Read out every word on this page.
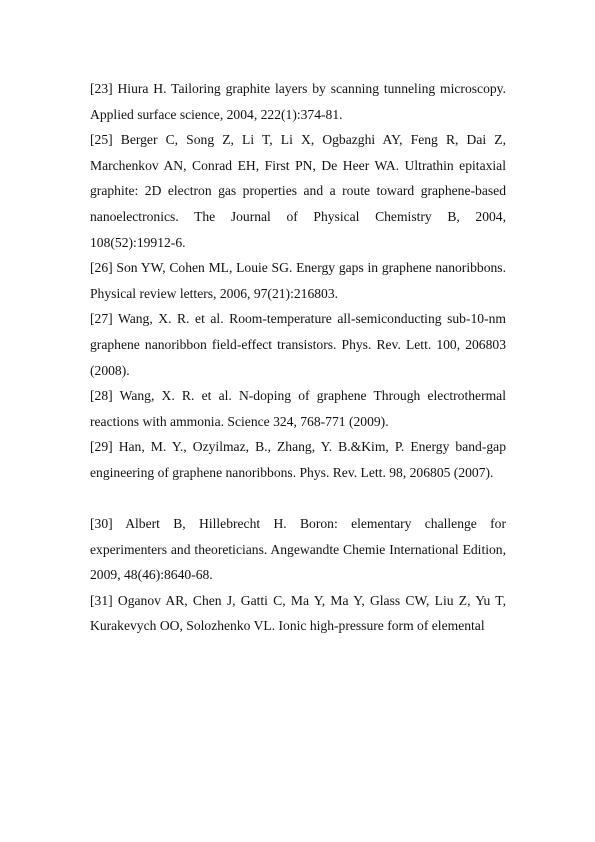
[23] Hiura H. Tailoring graphite layers by scanning tunneling microscopy. Applied surface science, 2004, 222(1):374-81.

[25] Berger C, Song Z, Li T, Li X, Ogbazghi AY, Feng R, Dai Z, Marchenkov AN, Conrad EH, First PN, De Heer WA. Ultrathin epitaxial graphite: 2D electron gas properties and a route toward graphene-based nanoelectronics. The Journal of Physical Chemistry B, 2004, 108(52):19912-6.

[26] Son YW, Cohen ML, Louie SG. Energy gaps in graphene nanoribbons. Physical review letters, 2006, 97(21):216803.

[27] Wang, X. R. et al. Room-temperature all-semiconducting sub-10-nm graphene nanoribbon field-effect transistors. Phys. Rev. Lett. 100, 206803 (2008).

[28] Wang, X. R. et al. N-doping of graphene Through electrothermal reactions with ammonia. Science 324, 768-771 (2009).

[29] Han, M. Y., Ozyilmaz, B., Zhang, Y. B.&Kim, P. Energy band-gap engineering of graphene nanoribbons. Phys. Rev. Lett. 98, 206805 (2007).

[30] Albert B, Hillebrecht H. Boron: elementary challenge for experimenters and theoreticians. Angewandte Chemie International Edition, 2009, 48(46):8640-68.

[31] Oganov AR, Chen J, Gatti C, Ma Y, Ma Y, Glass CW, Liu Z, Yu T, Kurakevych OO, Solozhenko VL. Ionic high-pressure form of elemental
